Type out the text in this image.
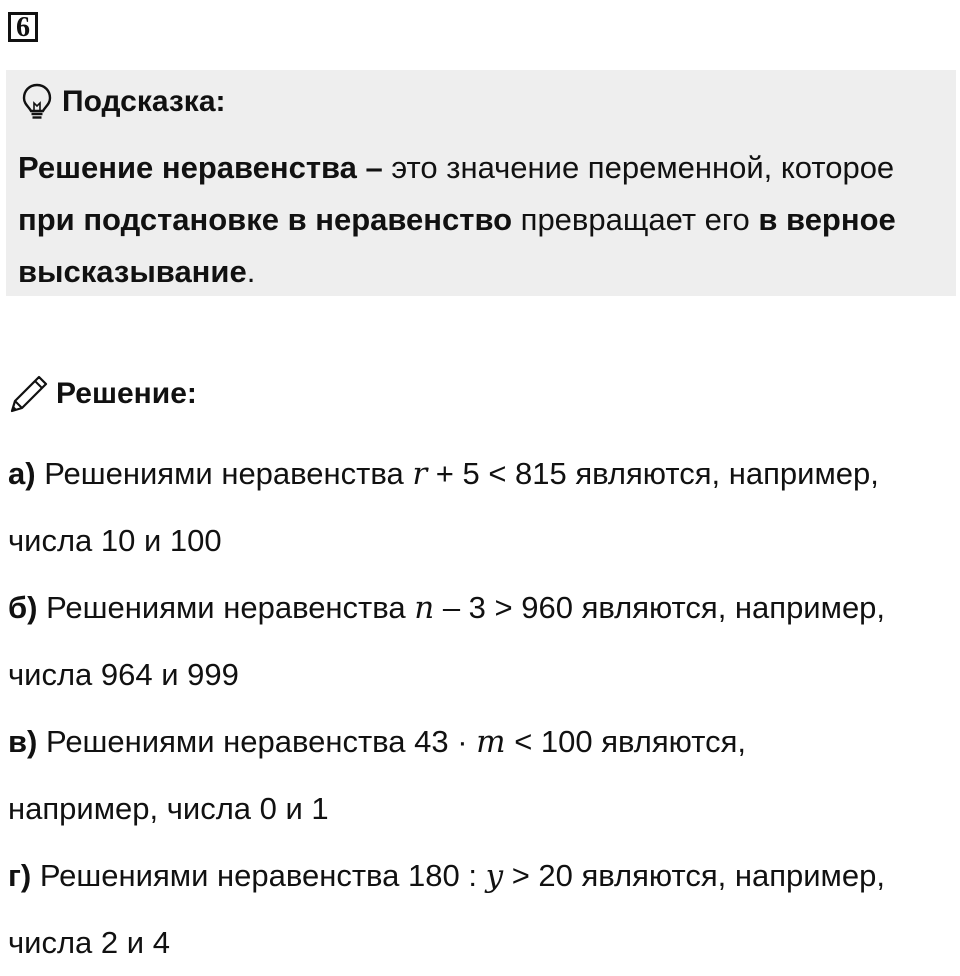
6
Подсказка:
Решение неравенства – это значение переменной, которое при подстановке в неравенство превращает его в верное высказывание.
Решение:
а) Решениями неравенства r + 5 < 815 являются, например,
числа 10 и 100
б) Решениями неравенства n – 3 > 960 являются, например,
числа 964 и 999
в) Решениями неравенства 43 · m < 100 являются,
например, числа 0 и 1
г) Решениями неравенства 180 : y > 20 являются, например,
числа 2 и 4
